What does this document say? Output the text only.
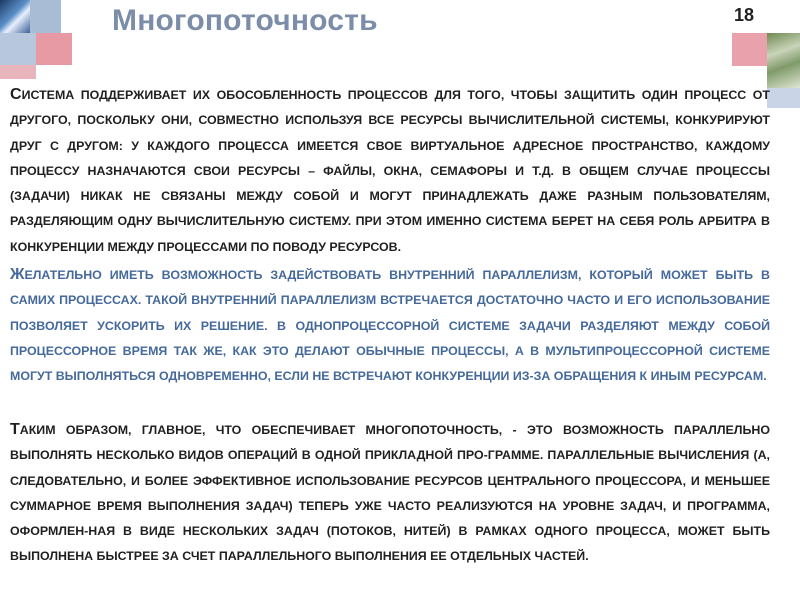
Многопоточность	18

СИСТЕМА ПОДДЕРЖИВАЕТ ИХ ОБОСОБЛЕННОСТЬ ПРОЦЕССОВ ДЛЯ ТОГО, ЧТОБЫ ЗАЩИТИТЬ ОДИН ПРОЦЕСС ОТ ДРУГОГО, ПОСКОЛЬКУ ОНИ, СОВМЕСТНО ИСПОЛЬЗУЯ ВСЕ РЕСУРСЫ ВЫЧИСЛИТЕЛЬНОЙ СИСТЕМЫ, КОНКУРИРУЮТ ДРУГ С ДРУГОМ: У КАЖДОГО ПРОЦЕССА ИМЕЕТСЯ СВОЕ ВИРТУАЛЬНОЕ АДРЕСНОЕ ПРОСТРАНСТВО, КАЖДОМУ ПРОЦЕССУ НАЗНАЧАЮТСЯ СВОИ РЕСУРСЫ – ФАЙЛЫ, ОКНА, СЕМАФОРЫ И Т.Д. В ОБЩЕМ СЛУЧАЕ ПРОЦЕССЫ (ЗАДАЧИ) НИКАК НЕ СВЯЗАНЫ МЕЖДУ СОБОЙ И МОГУТ ПРИНАДЛЕЖАТЬ ДАЖЕ РАЗНЫМ ПОЛЬЗОВАТЕЛЯМ, РАЗДЕЛЯЮЩИМ ОДНУ ВЫЧИСЛИТЕЛЬНУЮ СИСТЕМУ. ПРИ ЭТОМ ИМЕННО СИСТЕМА БЕРЕТ НА СЕБЯ РОЛЬ АРБИТРА В КОНКУРЕНЦИИ МЕЖДУ ПРОЦЕССАМИ ПО ПОВОДУ РЕСУРСОВ.

ЖЕЛАТЕЛЬНО ИМЕТЬ ВОЗМОЖНОСТЬ ЗАДЕЙСТВОВАТЬ ВНУТРЕННИЙ ПАРАЛЛЕЛИЗМ, КОТОРЫЙ МОЖЕТ БЫТЬ В САМИХ ПРОЦЕССАХ. ТАКОЙ ВНУТРЕННИЙ ПАРАЛЛЕЛИЗМ ВСТРЕЧАЕТСЯ ДОСТАТОЧНО ЧАСТО И ЕГО ИСПОЛЬЗОВАНИЕ ПОЗВОЛЯЕТ УСКОРИТЬ ИХ РЕШЕНИЕ. В ОДНОПРОЦЕССОРНОЙ СИСТЕМЕ ЗАДАЧИ РАЗДЕЛЯЮТ МЕЖДУ СОБОЙ ПРОЦЕССОРНОЕ ВРЕМЯ ТАК ЖЕ, КАК ЭТО ДЕЛАЮТ ОБЫЧНЫЕ ПРОЦЕССЫ, А В МУЛЬТИПРОЦЕССОРНОЙ СИСТЕМЕ МОГУТ ВЫПОЛНЯТЬСЯ ОДНОВРЕМЕННО, ЕСЛИ НЕ ВСТРЕЧАЮТ КОНКУРЕНЦИИ ИЗ-ЗА ОБРАЩЕНИЯ К ИНЫМ РЕСУРСАМ.

ТАКИМ ОБРАЗОМ, ГЛАВНОЕ, ЧТО ОБЕСПЕЧИВАЕТ МНОГОПОТОЧНОСТЬ, - ЭТО ВОЗМОЖНОСТЬ ПАРАЛЛЕЛЬНО ВЫПОЛНЯТЬ НЕСКОЛЬКО ВИДОВ ОПЕРАЦИЙ В ОДНОЙ ПРИКЛАДНОЙ ПРО-ГРАММЕ. ПАРАЛЛЕЛЬНЫЕ ВЫЧИСЛЕНИЯ (А, СЛЕДОВАТЕЛЬНО, И БОЛЕЕ ЭФФЕКТИВНОЕ ИСПОЛЬЗОВАНИЕ РЕСУРСОВ ЦЕНТРАЛЬНОГО ПРОЦЕССОРА, И МЕНЬШЕЕ СУММАРНОЕ ВРЕМЯ ВЫПОЛНЕНИЯ ЗАДАЧ) ТЕПЕРЬ УЖЕ ЧАСТО РЕАЛИЗУЮТСЯ НА УРОВНЕ ЗАДАЧ, И ПРОГРАММА, ОФОРМЛЕН-НАЯ В ВИДЕ НЕСКОЛЬКИХ ЗАДАЧ (ПОТОКОВ, НИТЕЙ) В РАМКАХ ОДНОГО ПРОЦЕССА, МОЖЕТ БЫТЬ ВЫПОЛНЕНА БЫСТРЕЕ ЗА СЧЕТ ПАРАЛЛЕЛЬНОГО ВЫПОЛНЕНИЯ ЕЕ ОТДЕЛЬНЫХ ЧАСТЕЙ.
